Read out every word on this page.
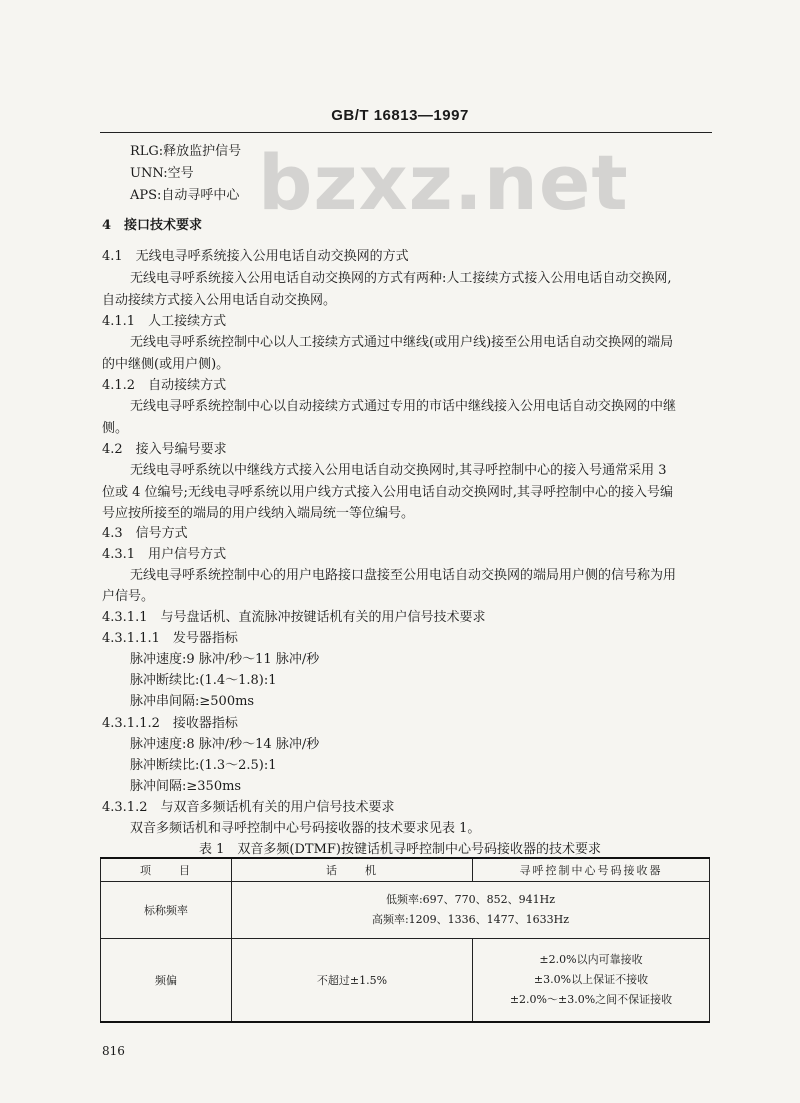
GB/T 16813—1997
bzxz.net
RLG:释放监护信号
UNN:空号
APS:自动寻呼中心
4　接口技术要求
4.1　无线电寻呼系统接入公用电话自动交换网的方式
无线电寻呼系统接入公用电话自动交换网的方式有两种:人工接续方式接入公用电话自动交换网,
自动接续方式接入公用电话自动交换网。
4.1.1　人工接续方式
无线电寻呼系统控制中心以人工接续方式通过中继线(或用户线)接至公用电话自动交换网的端局
的中继侧(或用户侧)。
4.1.2　自动接续方式
无线电寻呼系统控制中心以自动接续方式通过专用的市话中继线接入公用电话自动交换网的中继
侧。
4.2　接入号编号要求
无线电寻呼系统以中继线方式接入公用电话自动交换网时,其寻呼控制中心的接入号通常采用 3
位或 4 位编号;无线电寻呼系统以用户线方式接入公用电话自动交换网时,其寻呼控制中心的接入号编
号应按所接至的端局的用户线纳入端局统一等位编号。
4.3　信号方式
4.3.1　用户信号方式
无线电寻呼系统控制中心的用户电路接口盘接至公用电话自动交换网的端局用户侧的信号称为用
户信号。
4.3.1.1　与号盘话机、直流脉冲按键话机有关的用户信号技术要求
4.3.1.1.1　发号器指标
脉冲速度:9 脉冲/秒～11 脉冲/秒
脉冲断续比:(1.4～1.8):1
脉冲串间隔:≥500ms
4.3.1.1.2　接收器指标
脉冲速度:8 脉冲/秒～14 脉冲/秒
脉冲断续比:(1.3～2.5):1
脉冲间隔:≥350ms
4.3.1.2　与双音多频话机有关的用户信号技术要求
双音多频话机和寻呼控制中心号码接收器的技术要求见表 1。
表 1　双音多频(DTMF)按键话机寻呼控制中心号码接收器的技术要求
项　　目	话　　机	寻呼控制中心号码接收器
标称频率	低频率:697、770、852、941Hz
高频率:1209、1336、1477、1633Hz	

频偏	不超过±1.5%	±2.0%以内可靠接收
±3.0%以上保证不接收
±2.0%～±3.0%之间不保证接收
816
